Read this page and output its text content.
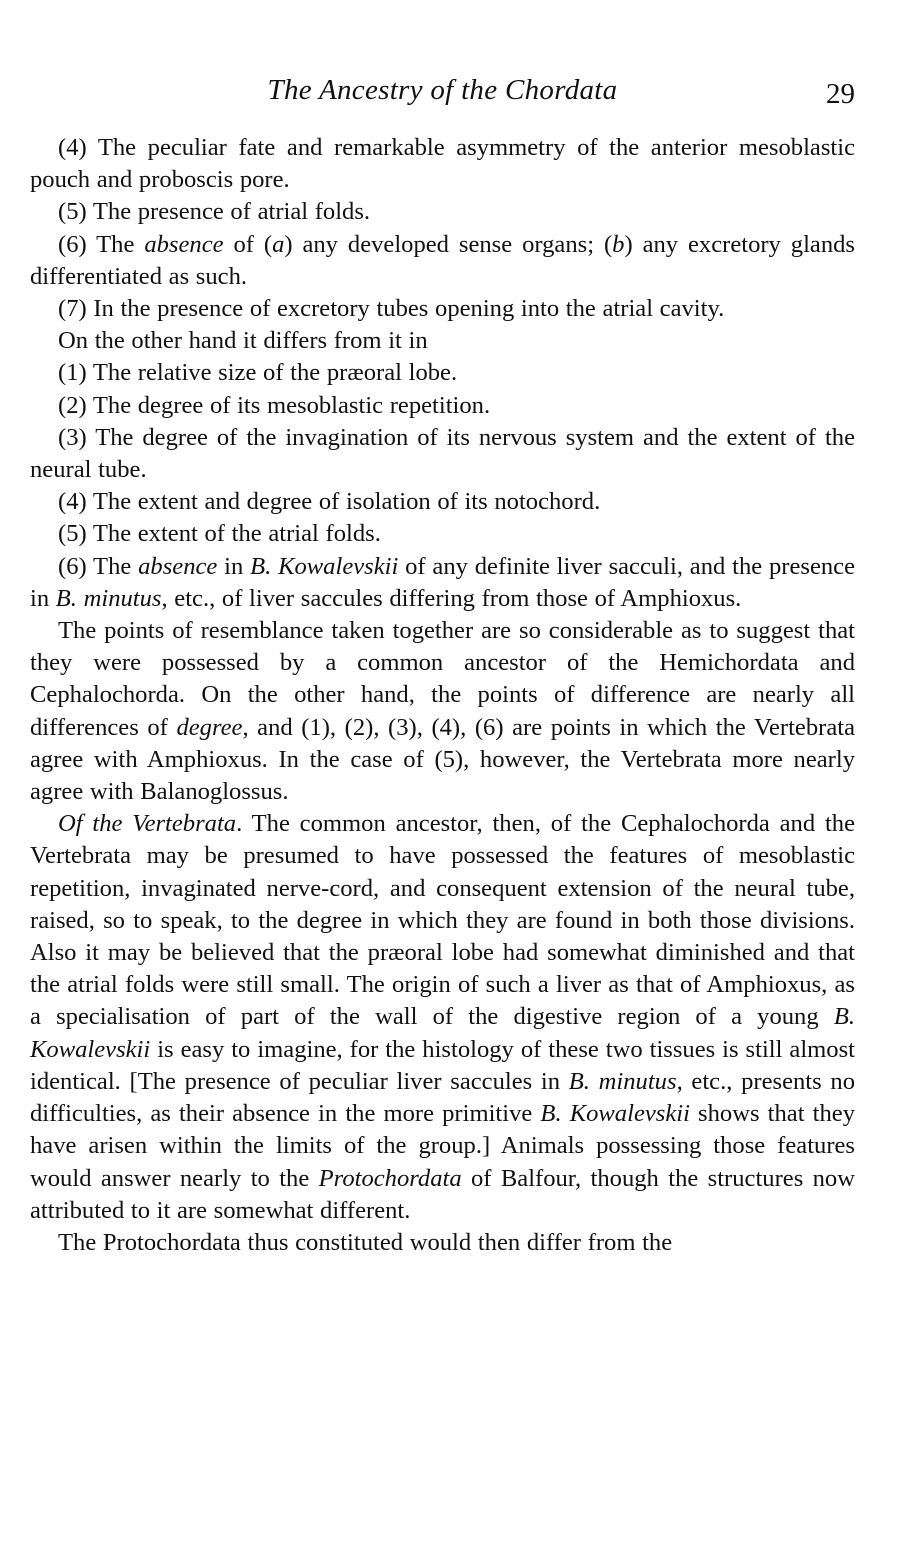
The Ancestry of the Chordata	29

(4) The peculiar fate and remarkable asymmetry of the anterior mesoblastic pouch and proboscis pore.

(5) The presence of atrial folds.

(6) The absence of (a) any developed sense organs; (b) any excretory glands differentiated as such.

(7) In the presence of excretory tubes opening into the atrial cavity.

On the other hand it differs from it in

(1) The relative size of the præoral lobe.

(2) The degree of its mesoblastic repetition.

(3) The degree of the invagination of its nervous system and the extent of the neural tube.

(4) The extent and degree of isolation of its notochord.

(5) The extent of the atrial folds.

(6) The absence in B. Kowalevskii of any definite liver sacculi, and the presence in B. minutus, etc., of liver saccules differing from those of Amphioxus.

The points of resemblance taken together are so considerable as to suggest that they were possessed by a common ancestor of the Hemichordata and Cephalochorda. On the other hand, the points of difference are nearly all differences of degree, and (1), (2), (3), (4), (6) are points in which the Vertebrata agree with Amphioxus. In the case of (5), however, the Vertebrata more nearly agree with Balanoglossus.

Of the Vertebrata. The common ancestor, then, of the Cephalochorda and the Vertebrata may be presumed to have possessed the features of mesoblastic repetition, invaginated nerve-cord, and consequent extension of the neural tube, raised, so to speak, to the degree in which they are found in both those divisions. Also it may be believed that the præoral lobe had somewhat diminished and that the atrial folds were still small. The origin of such a liver as that of Amphioxus, as a specialisation of part of the wall of the digestive region of a young B. Kowalevskii is easy to imagine, for the histology of these two tissues is still almost identical. [The presence of peculiar liver saccules in B. minutus, etc., presents no difficulties, as their absence in the more primitive B. Kowalevskii shows that they have arisen within the limits of the group.] Animals possessing those features would answer nearly to the Protochordata of Balfour, though the structures now attributed to it are somewhat different.

The Protochordata thus constituted would then differ from the
